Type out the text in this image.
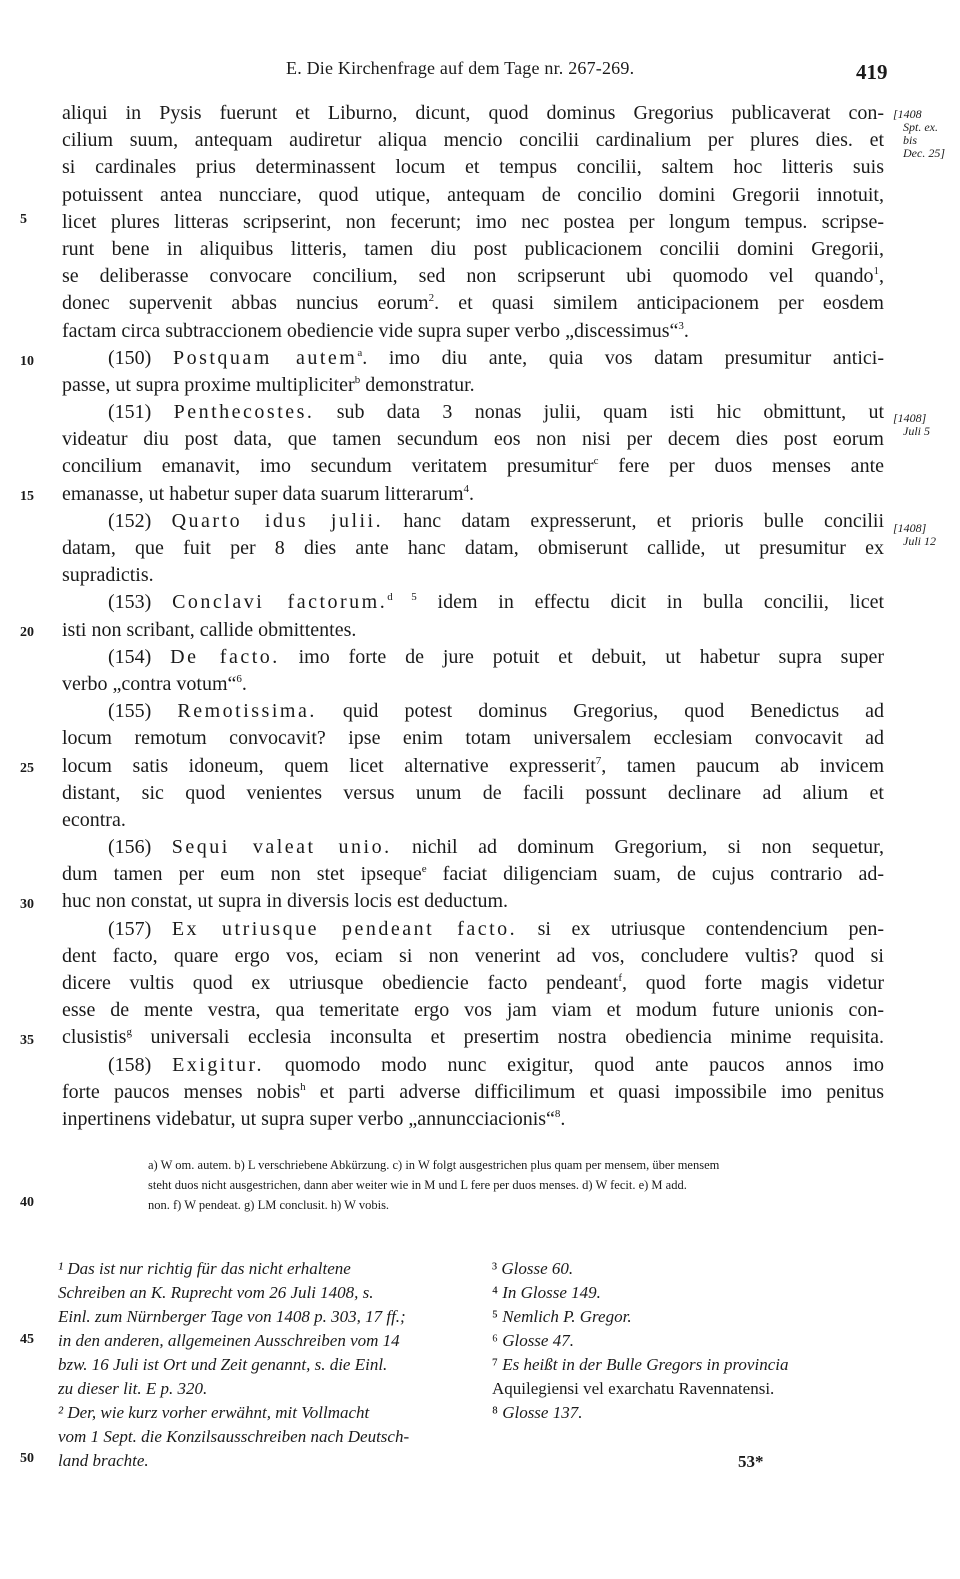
E. Die Kirchenfrage auf dem Tage nr. 267-269.	419
aliqui in Pysis fuerunt et Liburno, dicunt, quod dominus Gregorius publicaverat con-
cilium suum, antequam audiretur aliqua mencio concilii cardinalium per plures dies. et
si cardinales prius determinassent locum et tempus concilii, saltem hoc litteris suis
potuissent antea nuncciare, quod utique, antequam de concilio domini Gregorii innotuit,
licet plures litteras scripserint, non fecerunt; imo nec postea per longum tempus. scripse-
runt bene in aliquibus litteris, tamen diu post publicacionem concilii domini Gregorii,
se deliberasse convocare concilium, sed non scripserunt ubi quomodo vel quando$^1$,
donec supervenit abbas nuncius eorum$^2$. et quasi similem anticipacionem per eosdem
factam circa subtraccionem obediencie vide supra super verbo „discessimus“$^3$.
(150) Postquam autem$^a$. imo diu ante, quia vos datam presumitur antici-
passe, ut supra proxime multipliciter$^b$ demonstratur.
(151) Penthecostes. sub data 3 nonas julii, quam isti hic obmittunt, ut
videatur diu post data, que tamen secundum eos non nisi per decem dies post eorum
concilium emanavit, imo secundum veritatem presumitur$^c$ fere per duos menses ante
emanasse, ut habetur super data suarum litterarum$^4$.
(152) Quarto idus julii. hanc datam expresserunt, et prioris bulle concilii
datam, que fuit per 8 dies ante hanc datam, obmiserunt callide, ut presumitur ex
supradictis.
(153) Conclavi factorum.$^{d 5}$ idem in effectu dicit in bulla concilii, licet
isti non scribant, callide obmittentes.
(154) De facto. imo forte de jure potuit et debuit, ut habetur supra super
verbo „contra votum“$^6$.
(155) Remotissima. quid potest dominus Gregorius, quod Benedictus ad
locum remotum convocavit? ipse enim totam universalem ecclesiam convocavit ad
locum satis idoneum, quem licet alternative expresserit$^7$, tamen paucum ab invicem
distant, sic quod venientes versus unum de facili possunt declinare ad alium et
econtra.
(156) Sequi valeat unio. nichil ad dominum Gregorium, si non sequetur,
dum tamen per eum non stet ipseque$^e$ faciat diligenciam suam, de cujus contrario ad-
huc non constat, ut supra in diversis locis est deductum.
(157) Ex utriusque pendeant facto. si ex utriusque contendencium pen-
dent facto, quare ergo vos, eciam si non venerint ad vos, concludere vultis? quod si
dicere vultis quod ex utriusque obediencie facto pendeant$^f$, quod forte magis videtur
esse de mente vestra, qua temeritate ergo vos jam viam et modum future unionis con-
clusistis$^g$ universali ecclesia inconsulta et presertim nostra obediencia minime requisita.
(158) Exigitur. quomodo modo nunc exigitur, quod ante paucos annos imo
forte paucos menses nobis$^h$ et parti adverse difficilimum et quasi impossibile imo penitus
inpertinens videbatur, ut supra super verbo „annuncciacionis“$^8$.
[1408
Spt. ex.
bis
Dec. 25]
[1408]
Juli 5
[1408]
Juli 12
5
10
15
20
25
30
35
40
45
50
a) W om. autem. b) L verschriebene Abkürzung. c) in W folgt ausgestrichen plus quam per mensem, über mensem
steht duos nicht ausgestrichen, dann aber weiter wie in M und L fere per duos menses. d) W fecit. e) M add.
non. f) W pendeat. g) LM conclusit. h) W vobis.
¹ Das ist nur richtig für das nicht erhaltene
Schreiben an K. Ruprecht vom 26 Juli 1408, s.
Einl. zum Nürnberger Tage von 1408 p. 303, 17 ff.;
in den anderen, allgemeinen Ausschreiben vom 14
bzw. 16 Juli ist Ort und Zeit genannt, s. die Einl.
zu dieser lit. E p. 320.
² Der, wie kurz vorher erwähnt, mit Vollmacht
vom 1 Sept. die Konzilsausschreiben nach Deutsch-
land brachte.
³ Glosse 60.
⁴ In Glosse 149.
⁵ Nemlich P. Gregor.
⁶ Glosse 47.
⁷ Es heißt in der Bulle Gregors in provincia
Aquilegiensi vel exarchatu Ravennatensi.
⁸ Glosse 137.
53*
